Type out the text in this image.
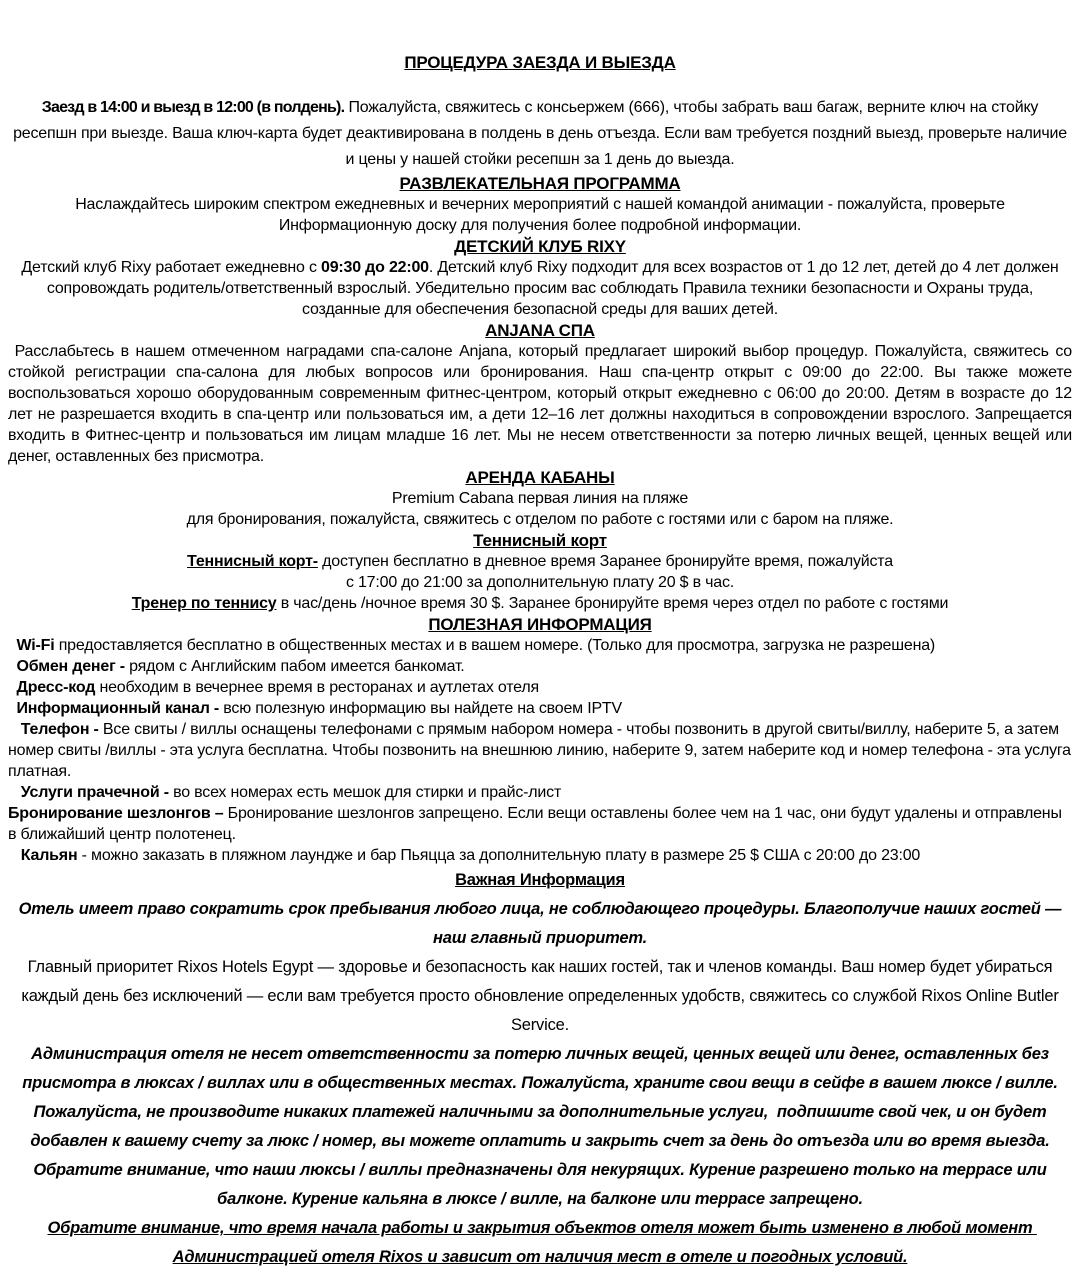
ПРОЦЕДУРА ЗАЕЗДА И ВЫЕЗДА

Заезд в 14:00 и выезд в 12:00 (в полдень). Пожалуйста, свяжитесь с консьержем (666), чтобы забрать ваш багаж, верните ключ на стойку ресепшн при выезде. Ваша ключ-карта будет деактивирована в полдень в день отъезда. Если вам требуется поздний выезд, проверьте наличие и цены у нашей стойки ресепшн за 1 день до выезда.

РАЗВЛЕКАТЕЛЬНАЯ ПРОГРАММА

Наслаждайтесь широким спектром ежедневных и вечерних мероприятий с нашей командой анимации - пожалуйста, проверьте Информационную доску для получения более подробной информации.

ДЕТСКИЙ КЛУБ RIXY

Детский клуб Rixy работает ежедневно с 09:30 до 22:00. Детский клуб Rixy подходит для всех возрастов от 1 до 12 лет, детей до 4 лет должен сопровождать родитель/ответственный взрослый. Убедительно просим вас соблюдать Правила техники безопасности и Охраны труда, созданные для обеспечения безопасной среды для ваших детей.

ANJANA СПА

Расслабьтесь в нашем отмеченном наградами спа-салоне Anjana, который предлагает широкий выбор процедур. Пожалуйста, свяжитесь со стойкой регистрации спа-салона для любых вопросов или бронирования. Наш спа-центр открыт с 09:00 до 22:00. Вы также можете воспользоваться хорошо оборудованным современным фитнес-центром, который открыт ежедневно с 06:00 до 20:00. Детям в возрасте до 12 лет не разрешается входить в спа-центр или пользоваться им, а дети 12–16 лет должны находиться в сопровождении взрослого. Запрещается входить в Фитнес-центр и пользоваться им лицам младше 16 лет. Мы не несем ответственности за потерю личных вещей, ценных вещей или денег, оставленных без присмотра.

АРЕНДА КАБАНЫ

Premium Cabana первая линия на пляже

для бронирования, пожалуйста, свяжитесь с отделом по работе с гостями или с баром на пляже.

Теннисный корт

Теннисный корт- доступен бесплатно в дневное время Заранее бронируйте время, пожалуйста
с 17:00 до 21:00 за дополнительную плату 20 $ в час.

Тренер по теннису в час/день /ночное время 30 $. Заранее бронируйте время через отдел по работе с гостями

ПОЛЕЗНАЯ ИНФОРМАЦИЯ

Wi-Fi предоставляется бесплатно в общественных местах и в вашем номере. (Только для просмотра, загрузка не разрешена)

Обмен денег - рядом с Английским пабом имеется банкомат.

Дресс-код необходим в вечернее время в ресторанах и аутлетах отеля

Информационный канал - всю полезную информацию вы найдете на своем IPTV

Телефон - Все свиты / виллы оснащены телефонами с прямым набором номера - чтобы позвонить в другой свиты/виллу, наберите 5, а затем номер свиты /виллы - эта услуга бесплатна. Чтобы позвонить на внешнюю линию, наберите 9, затем наберите код и номер телефона - эта услуга платная.

Услуги прачечной - во всех номерах есть мешок для стирки и прайс-лист

Бронирование шезлонгов – Бронирование шезлонгов запрещено. Если вещи оставлены более чем на 1 час, они будут удалены и отправлены в ближайший центр полотенец.

Кальян - можно заказать в пляжном лаундже и бар Пьяцца за дополнительную плату в размере 25 $ США с 20:00 до 23:00

Важная Информация

Отель имеет право сократить срок пребывания любого лица, не соблюдающего процедуры. Благополучие наших гостей — наш главный приоритет.

Главный приоритет Rixos Hotels Egypt — здоровье и безопасность как наших гостей, так и членов команды. Ваш номер будет убираться каждый день без исключений — если вам требуется просто обновление определенных удобств, свяжитесь со службой Rixos Online Butler Service.

Администрация отеля не несет ответственности за потерю личных вещей, ценных вещей или денег, оставленных без присмотра в люксах / виллах или в общественных местах. Пожалуйста, храните свои вещи в сейфе в вашем люксе / вилле. Пожалуйста, не производите никаких платежей наличными за дополнительные услуги,  подпишите свой чек, и он будет добавлен к вашему счету за люкс / номер, вы можете оплатить и закрыть счет за день до отъезда или во время выезда. Обратите внимание, что наши люксы / виллы предназначены для некурящих. Курение разрешено только на террасе или балконе. Курение кальяна в люксе / вилле, на балконе или террасе запрещено.

Обратите внимание, что время начала работы и закрытия объектов отеля может быть изменено в любой момент Администрацией отеля Rixos и зависит от наличия мест в отеле и погодных условий.
